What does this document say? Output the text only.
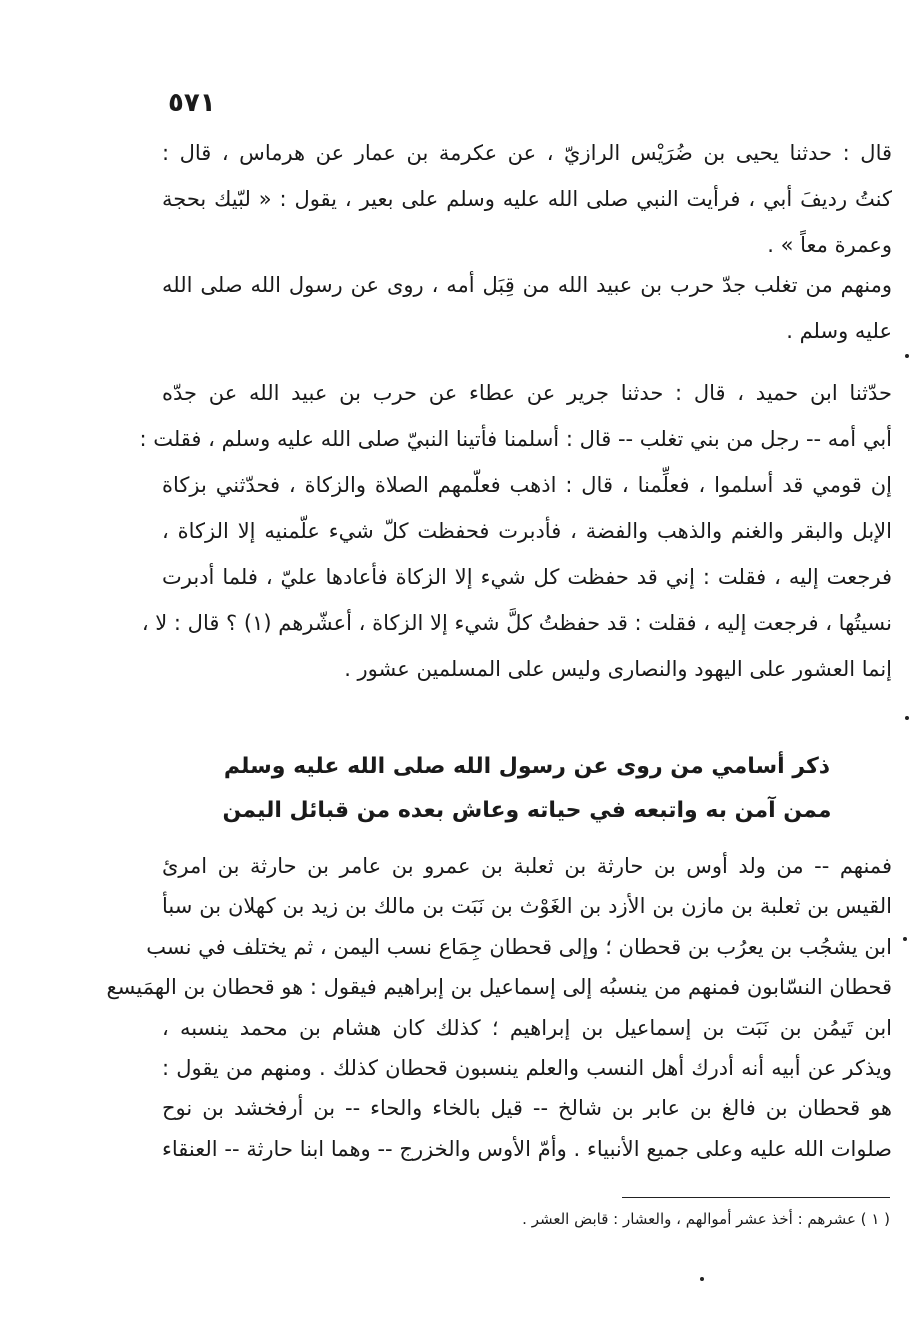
٥٧١
قال : حدثنا يحيى بن ضُرَيْس الرازيّ ، عن عكرمة بن عمار عن هرماس ، قال :
كنتُ رديفَ أبي ، فرأيت النبي صلى الله عليه وسلم على بعير ، يقول : « لبّيك بحجة
وعمرة معاً » .
ومنهم من تغلب جدّ حرب بن عبيد الله من قِبَل أمه ، روى عن رسول الله صلى الله
عليه وسلم .
حدّثنا ابن حميد ، قال : حدثنا جرير عن عطاء عن حرب بن عبيد الله عن جدّه
أبي أمه -- رجل من بني تغلب -- قال : أسلمنا فأتينا النبيّ صلى الله عليه وسلم ، فقلت :
إن قومي قد أسلموا ، فعلِّمنا ، قال : اذهب فعلّمهم الصلاة والزكاة ، فحدّثني بزكاة
الإبل والبقر والغنم والذهب والفضة ، فأدبرت فحفظت كلّ شيء علّمنيه إلا الزكاة ،
فرجعت إليه ، فقلت : إني قد حفظت كل شيء إلا الزكاة فأعادها عليّ ، فلما أدبرت
نسيتُها ، فرجعت إليه ، فقلت : قد حفظتُ كلَّ شيء إلا الزكاة ، أعشّرهم (١) ؟ قال : لا ،
إنما العشور على اليهود والنصارى وليس على المسلمين عشور .
ذكر أسامي من روى عن رسول الله صلى الله عليه وسلم
ممن آمن به واتبعه في حياته وعاش بعده من قبائل اليمن
فمنهم -- من ولد أوس بن حارثة بن ثعلبة بن عمرو بن عامر بن حارثة بن امرئ
القيس بن ثعلبة بن مازن بن الأزد بن الغَوْث بن نَبَت بن مالك بن زيد بن كهلان بن سبأ
ابن يشجُب بن يعرُب بن قحطان ؛ وإلى قحطان جِمَاع نسب اليمن ، ثم يختلف في نسب
قحطان النسّابون فمنهم من ينسبُه إلى إسماعيل بن إبراهيم فيقول : هو قحطان بن الهمَيسع
ابن تَيمُن بن نَبَت بن إسماعيل بن إبراهيم ؛ كذلك كان هشام بن محمد ينسبه ،
ويذكر عن أبيه أنه أدرك أهل النسب والعلم ينسبون قحطان كذلك . ومنهم من يقول :
هو قحطان بن فالغ بن عابر بن شالخ -- قيل بالخاء والحاء -- بن أرفخشد بن نوح
صلوات الله عليه وعلى جميع الأنبياء . وأمّ الأوس والخزرج -- وهما ابنا حارثة -- العنقاء
( ١ ) عشرهم : أخذ عشر أموالهم ، والعشار : قابض العشر .
